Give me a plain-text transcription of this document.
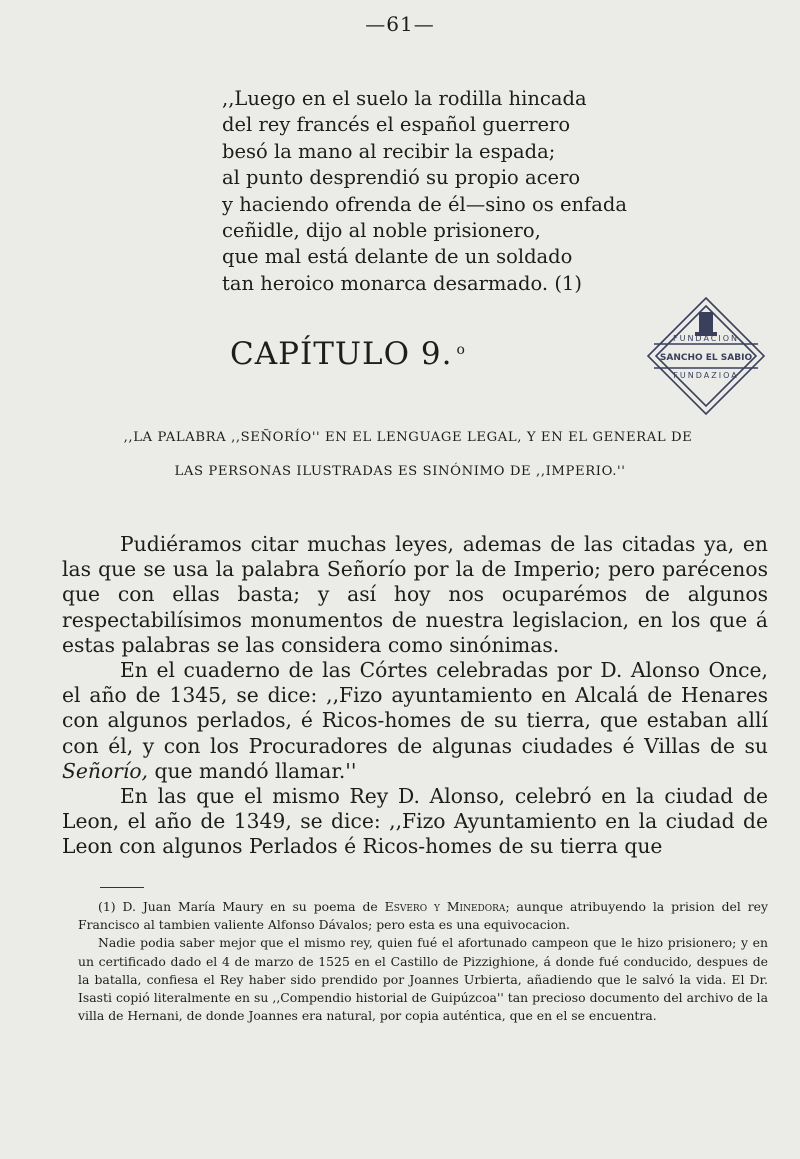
—61—
,,Luego en el suelo la rodilla hincada
del rey francés el español guerrero
besó la mano al recibir la espada;
al punto desprendió su propio acero
y haciendo ofrenda de él—sino os enfada
ceñidle, dijo al noble prisionero,
que mal está delante de un soldado
tan heroico monarca desarmado. (1)
CAPÍTULO 9. $^o$
FUNDACION
SANCHO EL SABIO
FUNDAZIOA
,,LA PALABRA ,,SEÑORÍO'' EN EL LENGUAGE LEGAL, Y EN EL GENERAL DE
LAS PERSONAS ILUSTRADAS ES SINÓNIMO DE ,,IMPERIO.''

Pudiéramos citar muchas leyes, ademas de las citadas ya, en las que se usa la palabra Señorío por la de Imperio; pero parécenos que con ellas basta; y así hoy nos ocuparémos de algunos respectabilísimos monumentos de nuestra legislacion, en los que á estas palabras se las considera como sinónimas.

En el cuaderno de las Córtes celebradas por D. Alonso Once, el año de 1345, se dice: ,,Fizo ayuntamiento en Alcalá de Henares con algunos perlados, é Ricos-homes de su tierra, que estaban allí con él, y con los Procuradores de algunas ciudades é Villas de su Señorío, que mandó llamar.''

En las que el mismo Rey D. Alonso, celebró en la ciudad de Leon, el año de 1349, se dice: ,,Fizo Ayuntamiento en la ciudad de Leon con algunos Perlados é Ricos-homes de su tierra que

(1) D. Juan María Maury en su poema de Esvero y Minedora; aunque atribuyendo la prision del rey Francisco al tambien valiente Alfonso Dávalos; pero esta es una equivocacion.

Nadie podia saber mejor que el mismo rey, quien fué el afortunado campeon que le hizo prisionero; y en un certificado dado el 4 de marzo de 1525 en el Castillo de Pizzighione, á donde fué conducido, despues de la batalla, confiesa el Rey haber sido prendido por Joannes Urbierta, añadiendo que le salvó la vida. El Dr. Isasti copió literalmente en su ,,Compendio historial de Guipúzcoa'' tan precioso documento del archivo de la villa de Hernani, de donde Joannes era natural, por copia auténtica, que en el se encuentra.
